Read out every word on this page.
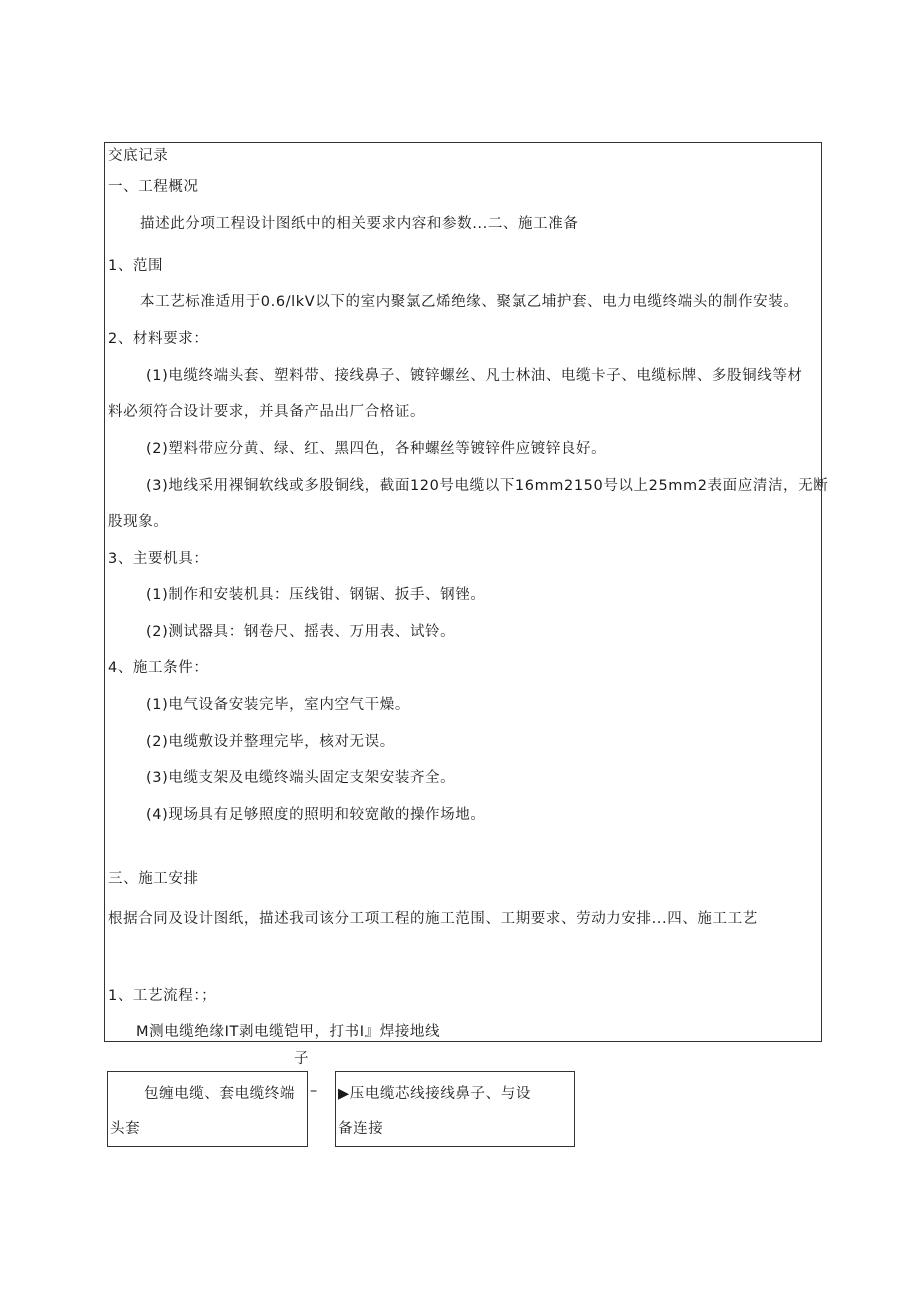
交底记录
一、工程概况
描述此分项工程设计图纸中的相关要求内容和参数...二、施工准备
1、范围
本工艺标准适用于0.6/lkV以下的室内聚氯乙烯绝缘、聚氯乙埔护套、电力电缆终端头的制作安装。
2、材料要求：
(1)电缆终端头套、塑料带、接线鼻子、镀锌螺丝、凡士林油、电缆卡子、电缆标牌、多股铜线等材
料必须符合设计要求，并具备产品出厂合格证。
(2)塑料带应分黄、绿、红、黑四色，各种螺丝等镀锌件应镀锌良好。
(3)地线采用裸铜软线或多股铜线，截面120号电缆以下16mm2150号以上25mm2表面应清洁，无断
股现象。
3、主要机具：
(1)制作和安装机具：压线钳、钢锯、扳手、钢锉。
(2)测试器具：钢卷尺、摇表、万用表、试铃。
4、施工条件：
(1)电气设备安装完毕，室内空气干燥。
(2)电缆敷设并整理完毕，核对无误。
(3)电缆支架及电缆终端头固定支架安装齐全。
(4)现场具有足够照度的照明和较宽敞的操作场地。
三、施工安排
根据合同及设计图纸，描述我司该分工项工程的施工范围、工期要求、劳动力安排...四、施工工艺
1、工艺流程：；
M测电缆绝缘IT剥电缆铠甲，打书I』焊接地线
子
包缠电缆、套电缆终端
头套
– ▶压电缆芯线接线鼻子、与设
备连接
